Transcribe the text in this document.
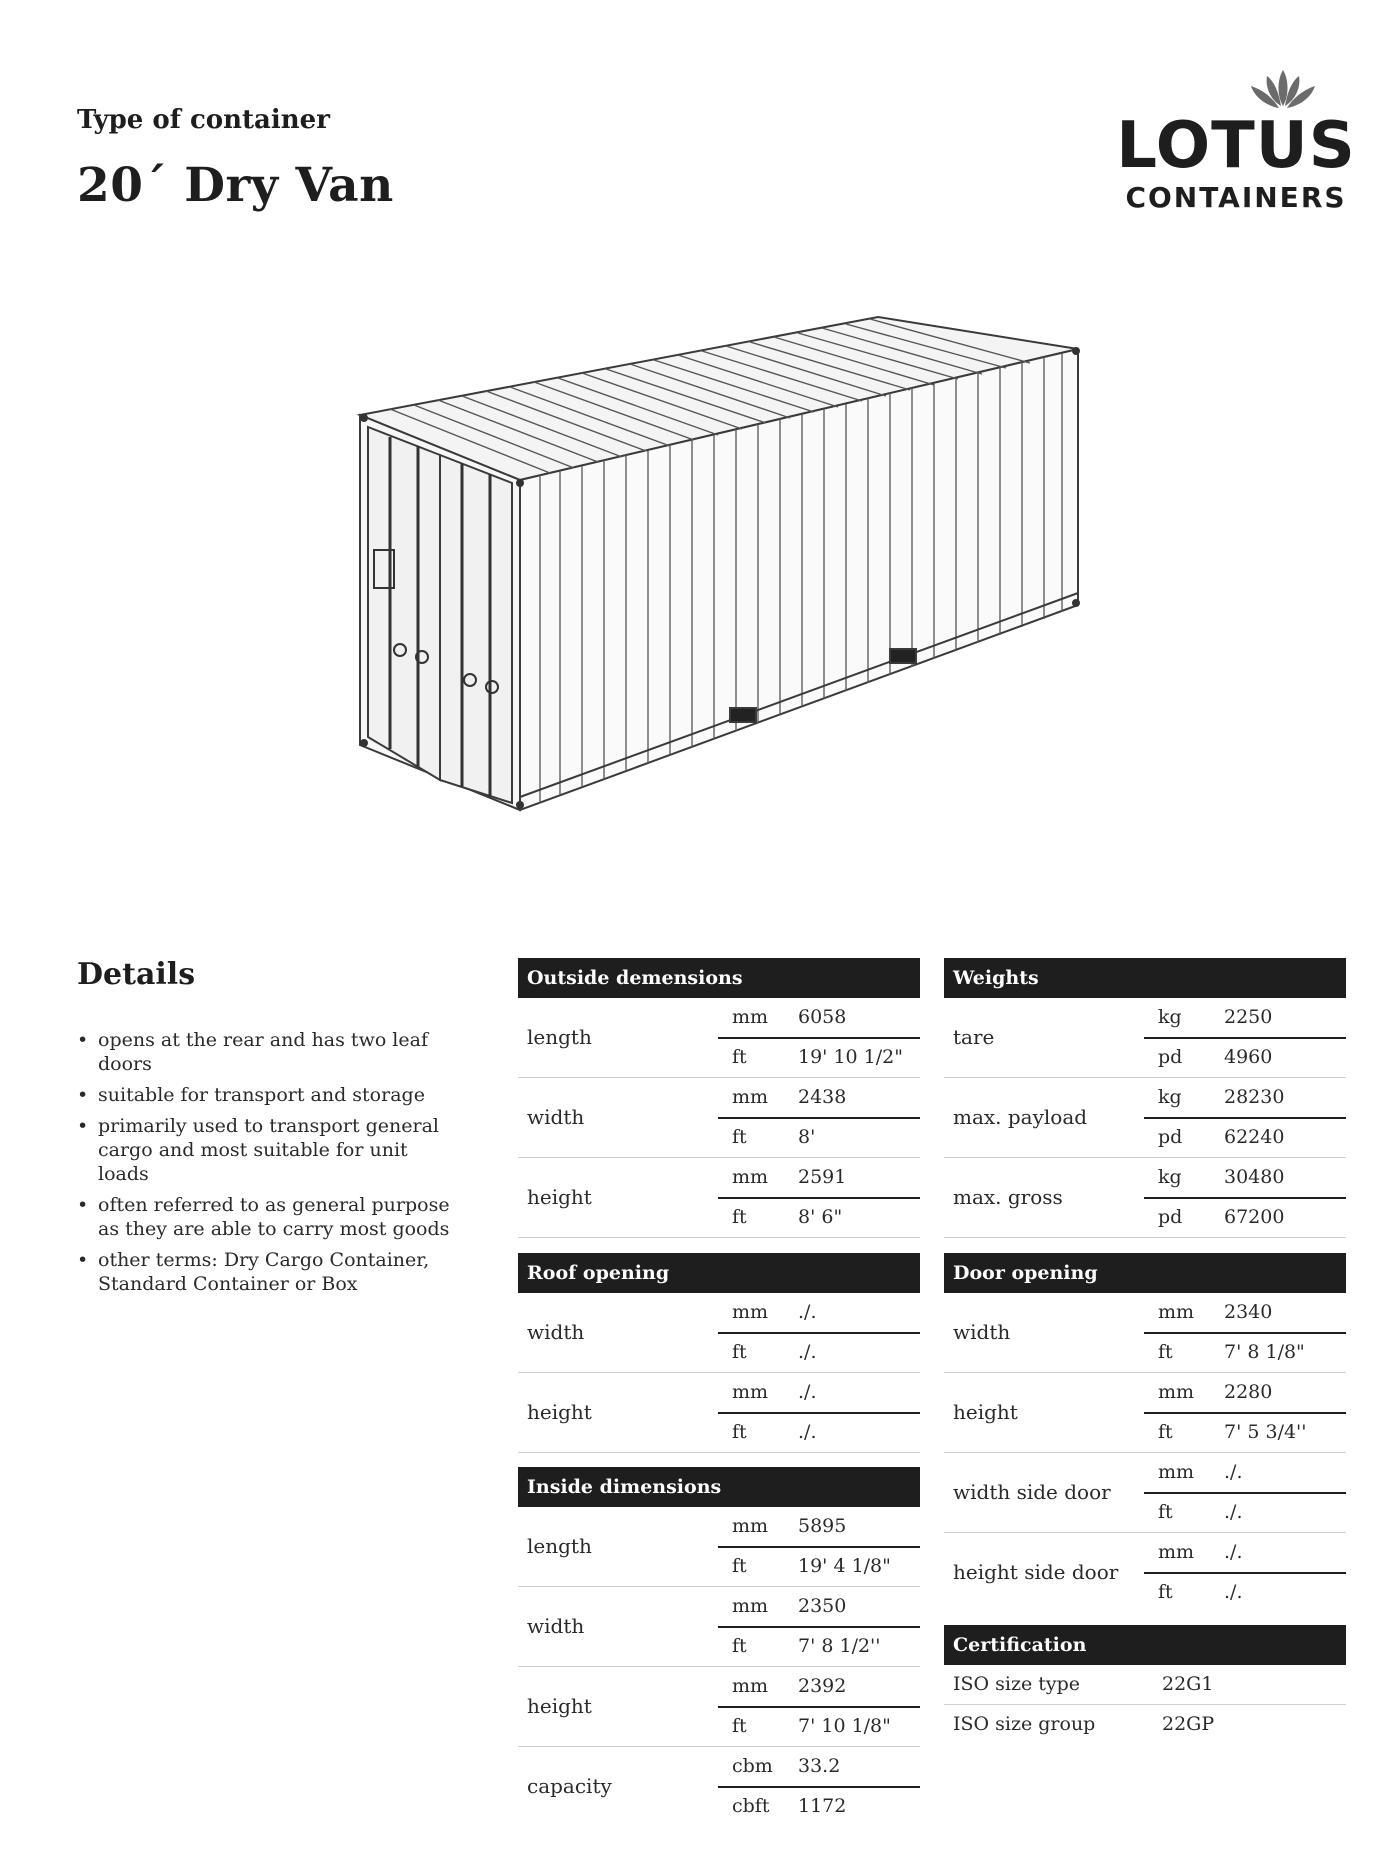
Type of container
20´ Dry Van
LOTUS
CONTAINERS
Details
• opens at the rear and has two leaf doors
• suitable for transport and storage
• primarily used to transport general cargo and most suitable for unit loads
• often referred to as general purpose as they are able to carry most goods
• other terms: Dry Cargo Container, Standard Container or Box
Outside demensions
length
mm 6058
ft	19' 10 1/2"
width
mm 2438
ft	8'
height
mm 2591
ft	8' 6"
Roof opening
width
mm ./.
ft	./.
height
mm ./.
ft	./.
Inside dimensions
length
mm 5895
ft	19' 4 1/8"
width
mm 2350
ft	7' 8 1/2''
height
mm 2392
ft	7' 10 1/8"
capacity
cbm 33.2
cbft 1172
Weights
tare
kg 2250
pd 4960
max. payload
kg 28230
pd 62240
max. gross
kg 30480
pd 67200
Door opening
width
mm 2340
ft	7' 8 1/8"
height
mm 2280
ft	7' 5 3/4''
width side door
mm ./.
ft	./.
height side door
mm ./.
ft	./.
Certification
ISO size type	22G1
ISO size group	22GP
